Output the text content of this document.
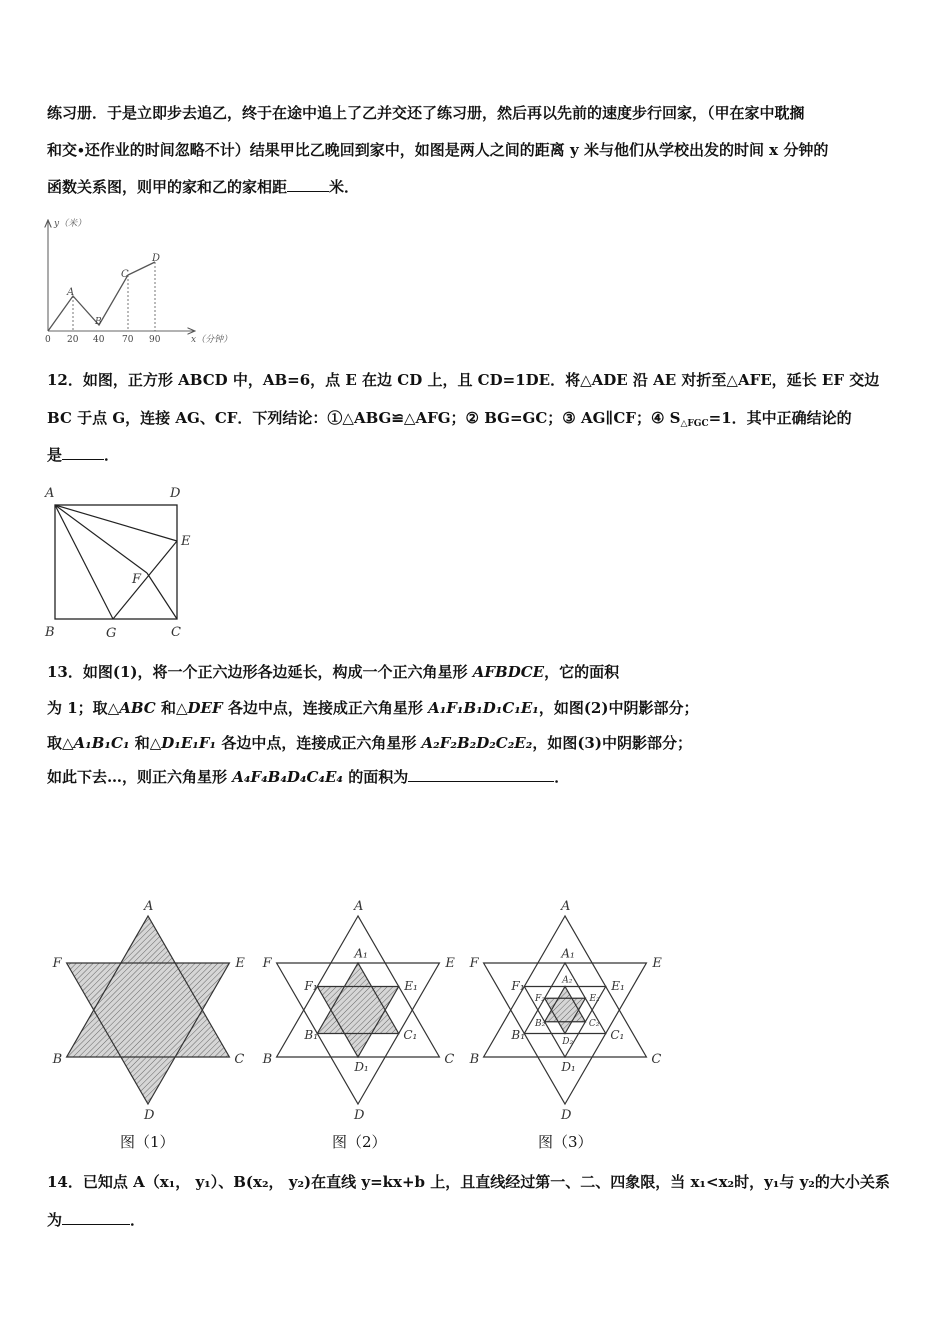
练习册．于是立即步去追乙，终于在途中追上了乙并交还了练习册，然后再以先前的速度步行回家，（甲在家中耽搁
和交∙还作业的时间忽略不计）结果甲比乙晚回到家中，如图是两人之间的距离 y 米与他们从学校出发的时间 x 分钟的
函数关系图，则甲的家和乙的家相距	米．
y（米）
x（分钟）
A
B
C
D
0 20 40 70 90
12．如图，正方形 ABCD 中，AB=6，点 E 在边 CD 上，且 CD=1DE．将△ADE 沿 AE 对折至△AFE，延长 EF 交边
BC 于点 G，连接 AG、CF．下列结论：①△ABG≌△AFG；② BG=GC；③ AG∥CF；④ $S_{\triangle FGC}=1$．其中正确结论的
是	．
A	D
E
F
B	G	C
13．如图(1)，将一个正六边形各边延长，构成一个正六角星形 AFBDCE，它的面积
为 1；取△ABC 和△DEF 各边中点，连接成正六角星形 A₁F₁B₁D₁C₁E₁，如图(2)中阴影部分；
取△A₁B₁C₁ 和△D₁E₁F₁ 各边中点，连接成正六角星形 A₂F₂B₂D₂C₂E₂，如图(3)中阴影部分；
如此下去…，则正六角星形 A₄F₄B₄D₄C₄E₄ 的面积为	．
A
F	E
B	C
D
A
F	E
B	C
D
A₁
F₁	E₁
B₁	C₁
D₁
A
F	E
B	C
D
A₁
F₁	E₁
B₁	C₁
D₁
A₂
F₂	E₂
B₂	C₂
D₂
图（1）	图（2）	图（3）
14．已知点 A（x₁， y₁）、B(x₂， y₂)在直线 y=kx+b 上，且直线经过第一、二、四象限，当 x₁<x₂时，y₁与 y₂的大小关系
为	．
